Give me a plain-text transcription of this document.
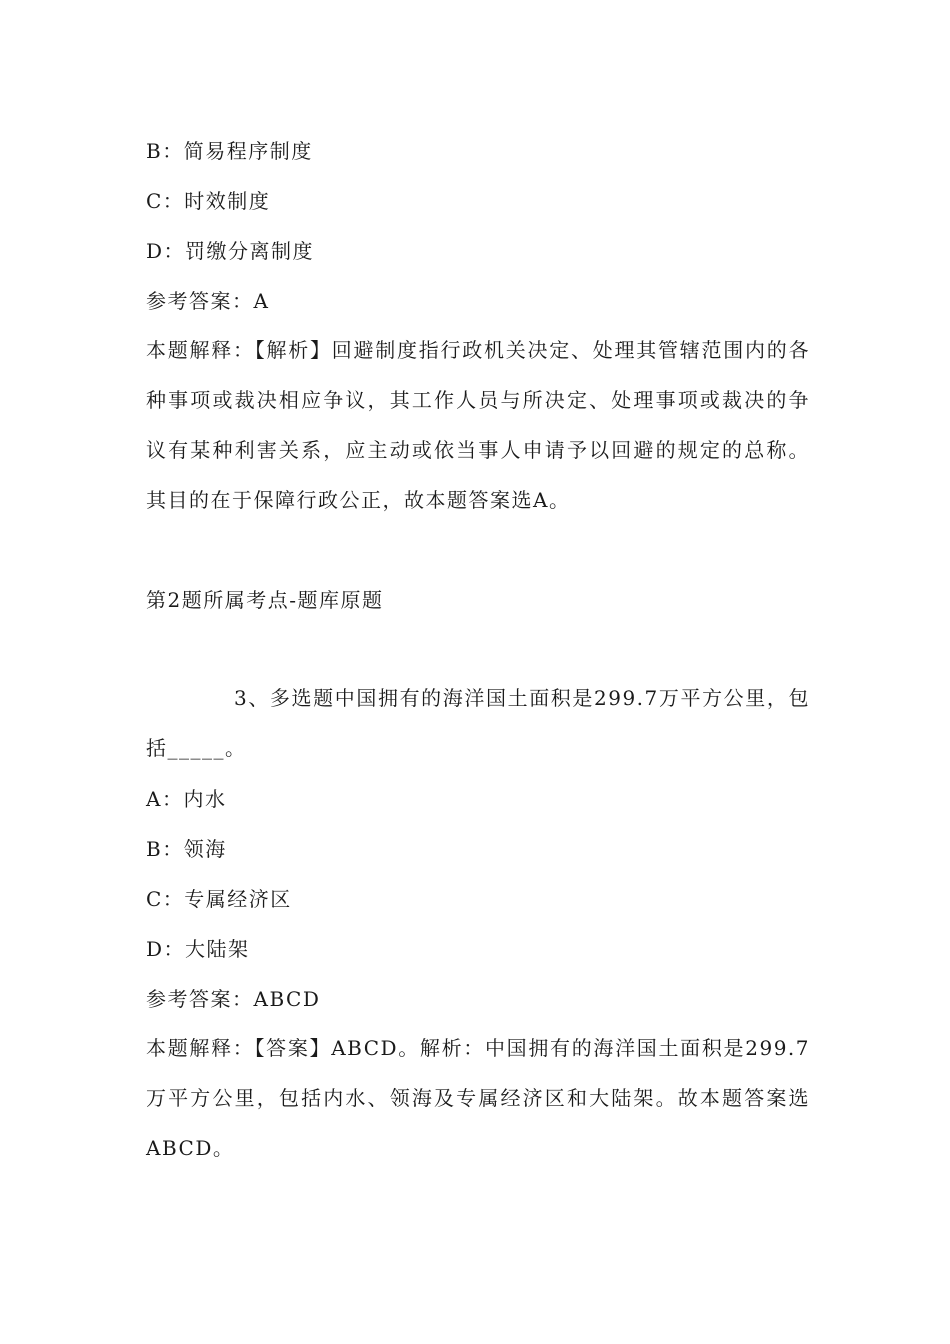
B：简易程序制度
C：时效制度
D：罚缴分离制度
参考答案：A
本题解释：【解析】回避制度指行政机关决定、处理其管辖范围内的各种事项或裁决相应争议，其工作人员与所决定、处理事项或裁决的争议有某种利害关系，应主动或依当事人申请予以回避的规定的总称。其目的在于保障行政公正，故本题答案选A。
第2题所属考点-题库原题
3、多选题中国拥有的海洋国土面积是299.7万平方公里，包括_____。
A：内水
B：领海
C：专属经济区
D：大陆架
参考答案：ABCD
本题解释：【答案】ABCD。解析：中国拥有的海洋国土面积是299.7万平方公里，包括内水、领海及专属经济区和大陆架。故本题答案选ABCD。
